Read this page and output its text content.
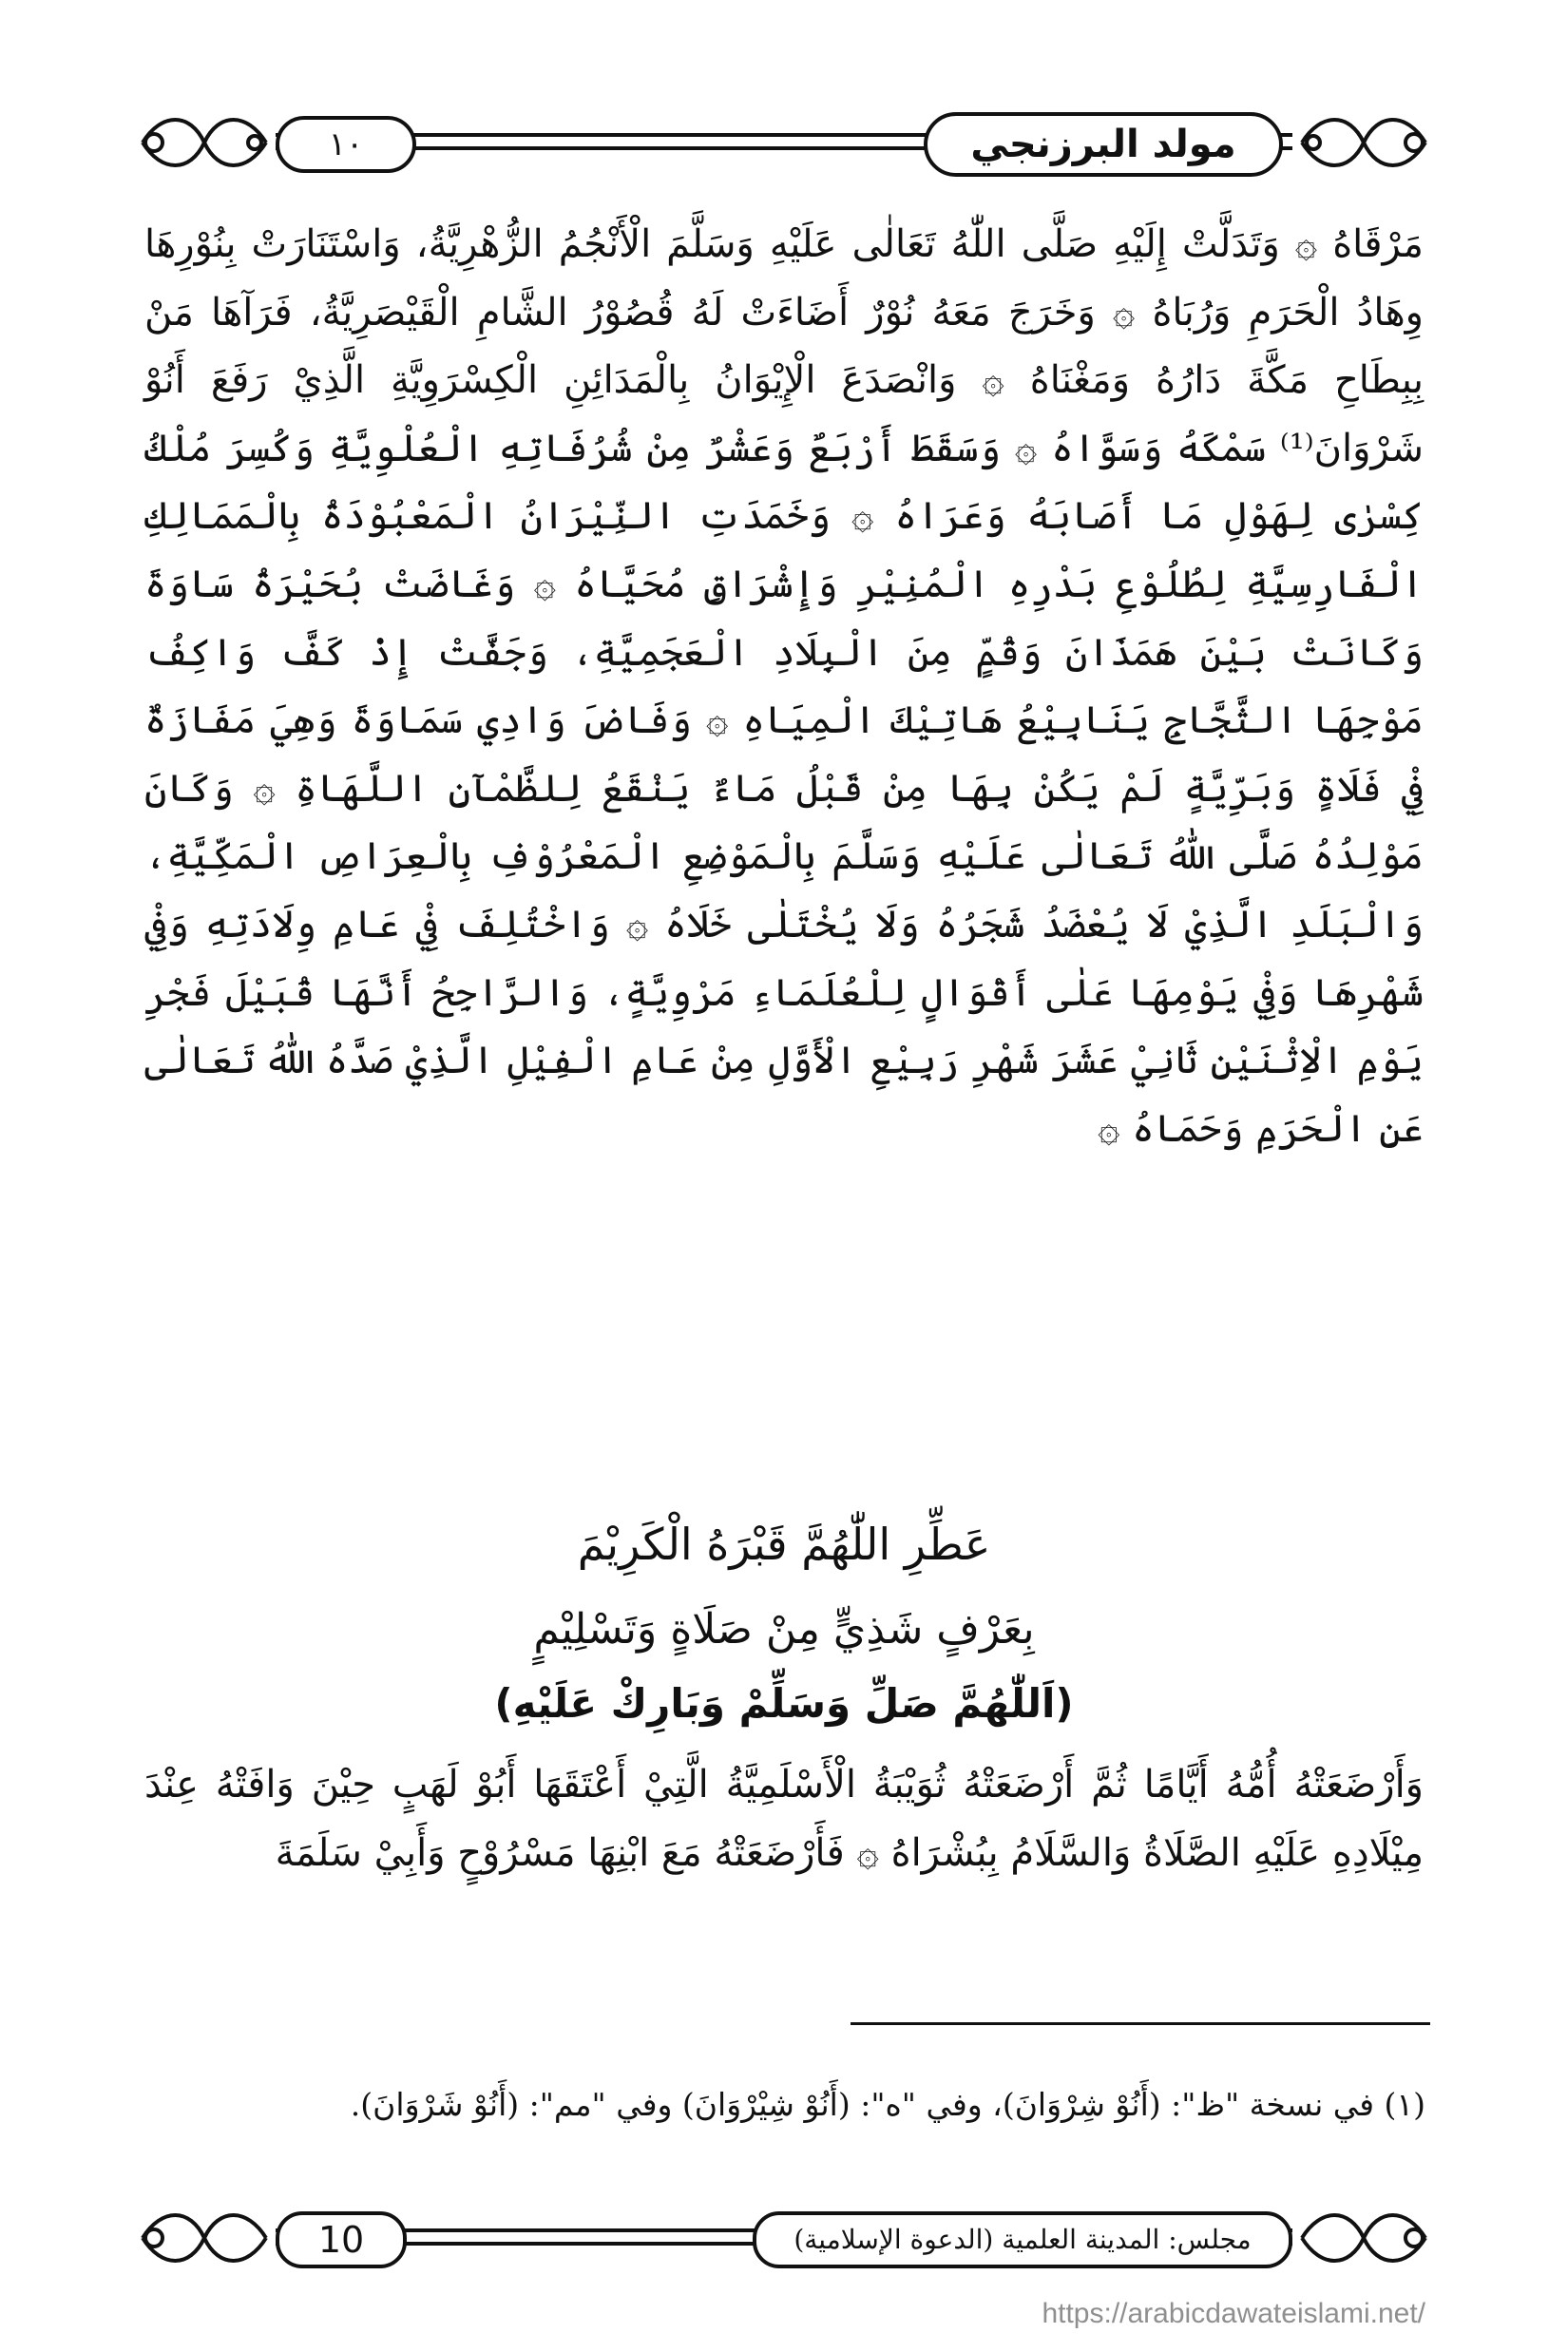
مولد البرزنجي
١٠

مَرْقَاهُ ۞ وَتَدَلَّتْ إِلَيْهِ صَلَّى اللّٰهُ تَعَالٰى عَلَيْهِ وَسَلَّمَ الْأَنْجُمُ الزُّهْرِيَّةُ، وَاسْتَنَارَتْ بِنُوْرِهَا وِهَادُ الْحَرَمِ وَرُبَاهُ ۞ وَخَرَجَ مَعَهُ نُوْرٌ أَضَاءَتْ لَهُ قُصُوْرُ الشَّامِ الْقَيْصَرِيَّةُ، فَرَآهَا مَنْ بِبِطَاحِ مَكَّةَ دَارُهُ وَمَغْنَاهُ ۞ وَانْصَدَعَ الْإِيْوَانُ بِالْمَدَائِنِ الْكِسْرَوِيَّةِ الَّذِيْ رَفَعَ أَنُوْ شَرْوَانَ⁽¹⁾ سَمْكَهُ وَسَوَّاهُ ۞ وَسَقَطَ أَرْبَعٌ وَعَشْرٌ مِنْ شُرُفَاتِهِ الْعُلْوِيَّةِ وَكُسِرَ مُلْكُ كِسْرٰى لِهَوْلِ مَا أَصَابَهُ وَعَرَاهُ ۞ وَخَمَدَتِ النِّيْرَانُ الْمَعْبُوْدَةُ بِالْمَمَالِكِ الْفَارِسِيَّةِ لِطُلُوْعِ بَدْرِهِ الْمُنِيْرِ وَإِشْرَاقِ مُحَيَّاهُ ۞ وَغَاضَتْ بُحَيْرَةُ سَاوَةَ وَكَانَتْ بَيْنَ هَمَذَانَ وَقُمٍّ مِنَ الْبِلَادِ الْعَجَمِيَّةِ، وَجَفَّتْ إِذْ كَفَّ وَاكِفُ مَوْجِهَا الثَّجَّاجِ يَنَابِيْعُ هَاتِيْكَ الْمِيَاهِ ۞ وَفَاضَ وَادِي سَمَاوَةَ وَهِيَ مَفَازَةٌ فِيْ فَلَاةٍ وَبَرِّيَّةٍ لَمْ يَكُنْ بِهَا مِنْ قَبْلُ مَاءٌ يَنْقَعُ لِلظَّمْآنِ اللَّهَاةِ ۞ وَكَانَ مَوْلِدُهُ صَلَّى اللّٰهُ تَعَالٰى عَلَيْهِ وَسَلَّمَ بِالْمَوْضِعِ الْمَعْرُوْفِ بِالْعِرَاصِ الْمَكِّيَّةِ، وَالْبَلَدِ الَّذِيْ لَا يُعْضَدُ شَجَرُهُ وَلَا يُخْتَلٰى خَلَاهُ ۞ وَاخْتُلِفَ فِيْ عَامِ وِلَادَتِهِ وَفِيْ شَهْرِهَا وَفِيْ يَوْمِهَا عَلٰى أَقْوَالٍ لِلْعُلَمَاءِ مَرْوِيَّةٍ، وَالرَّاجِحُ أَنَّهَا قُبَيْلَ فَجْرِ يَوْمِ الْاِثْنَيْنِ ثَانِيْ عَشَرَ شَهْرِ رَبِيْعِ الْأَوَّلِ مِنْ عَامِ الْفِيْلِ الَّذِيْ صَدَّهُ اللّٰهُ تَعَالٰى عَنِ الْحَرَمِ وَحَمَاهُ ۞

عَطِّرِ اللّٰهُمَّ قَبْرَهُ الْكَرِيْمَ

بِعَرْفٍ شَذِيٍّ مِنْ صَلَاةٍ وَتَسْلِيْمٍ

(اَللّٰهُمَّ صَلِّ وَسَلِّمْ وَبَارِكْ عَلَيْهِ)

وَأَرْضَعَتْهُ أُمُّهُ أَيَّامًا ثُمَّ أَرْضَعَتْهُ ثُوَيْبَةُ الْأَسْلَمِيَّةُ الَّتِيْ أَعْتَقَهَا أَبُوْ لَهَبٍ حِيْنَ وَافَتْهُ عِنْدَ مِيْلَادِهِ عَلَيْهِ الصَّلَاةُ وَالسَّلَامُ بِبُشْرَاهُ ۞ فَأَرْضَعَتْهُ مَعَ ابْنِهَا مَسْرُوْحٍ وَأَبِيْ سَلَمَةَ

(١) في نسخة "ظ": (أَنُوْ شِرْوَانَ)، وفي "ه": (أَنُوْ شِيْرْوَانَ) وفي "مم": (أَنُوْ شَرْوَانَ).

مجلس: المدينة العلمية (الدعوة الإسلامية)
10
https://arabicdawateislami.net/
